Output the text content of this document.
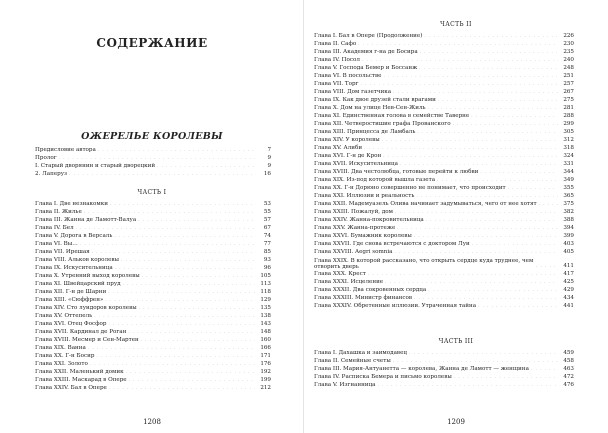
СОДЕРЖАНИЕ
ОЖЕРЕЛЬЕ КОРОЛЕВЫ
Предисловие автора . . .	7
Пролог . . .	9
I. Старый дворянин и старый дворецкий . . .	9
2. Лаперуз . . .	16
ЧАСТЬ I
Глава I. Две незнакомки . . .	53
Глава II. Жилье . . .	55
Глава III. Жанна де Ламотт-Валуа . . .	57
Глава IV. Бел . . .	67
Глава V. Дорога в Версаль . . .	74
Глава VI. Вы… . . .	77
Глава VII. Ирешая . . .	85
Глава VIII. Альков королевы . . .	93
Глава IX. Искусительница . . .	96
Глава X. Утренний выход королевы . . .	105
Глава XI. Швейцарский пруд . . .	113
Глава XII. Г-н де Шарни . . .	118
Глава XIII. «Сюффрен» . . .	129
Глава XIV. Сто луидоров королевы . . .	135
Глава XV. Оттепель . . .	138
Глава XVI. Отец Фосфор . . .	143
Глава XVII. Кардинал де Роган . . .	148
Глава XVIII. Месмер и Сен-Мартен . . .	160
Глава XIX. Ванна . . .	166
Глава XX. Г-н Босир . . .	171
Глава XXI. Золото . . .	176
Глава XXII. Маленький домик . . .	192
Глава XXIII. Маскарад в Опере . . .	199
Глава XXIV. Бал в Опере . . .	212
1208
ЧАСТЬ II
Глава I. Бал в Опере (Продолжение) . . .	226
Глава II. Сафо . . .	230
Глава III. Академия г-на де Босира . . .	235
Глава IV. Посол . . .	240
Глава V. Господа Бемер и Боссанж . . .	248
Глава VI. В посольстве . . .	251
Глава VII. Торг . . .	257
Глава VIII. Дом газетчика . . .	267
Глава IX. Как двое друзей стали врагами . . .	275
Глава X. Дом на улице Нев-Сен-Жиль . . .	281
Глава XI. Единственная голова в семействе Таверне . . .	288
Глава XII. Четверостишие графа Прованского . . .	299
Глава XIII. Принцесса де Ламбаль . . .	305
Глава XIV. У королевы . . .	312
Глава XV. Алиби . . .	318
Глава XVI. Г-н де Крон . . .	324
Глава XVII. Искусительница . . .	331
Глава XVIII. Два честолюбца, готовые перейти к любви . . .	344
Глава XIX. Из-под которой вышла газета . . .	349
Глава XX. Г-н Дорюно совершенно не понимает, что происходит . . .	355
Глава XXI. Иллюзии и реальность . . .	365
Глава XXII. Мадемуазель Олива начинает задумываться, чего от нее хотят . . .	375
Глава XXIII. Пожалуй, дом . . .	382
Глава XXIV. Жанна-покровительница . . .	388
Глава XXV. Жанна-протеже . . .	394
Глава XXVI. Бумажник королевы . . .	399
Глава XXVII. Где снова встречаются с доктором Луи . . .	403
Глава XXVIII. Aegri somnia . . .	405
Глава XXIX. В которой рассказано, что открыть сердце куда труднее, чем отворить дверь . . .	411
Глава XXX. Крест . . .	417
Глава XXXI. Исцеление . . .	425
Глава XXXII. Два сокровенных сердца . . .	429
Глава XXXIII. Министр финансов . . .	434
Глава XXXIV. Обретенные иллюзии. Утраченная тайна . . .	441
ЧАСТЬ III
Глава I. Дахашка и заимодавец . . .	459
Глава II. Семейные счеты . . .	458
Глава III. Мария-Антуанетта — королева, Жанна де Ламотт — женщина . . .	463
Глава IV. Расписка Бемера и письмо королевы . . .	472
Глава V. Изгнанница . . .	476
1209
